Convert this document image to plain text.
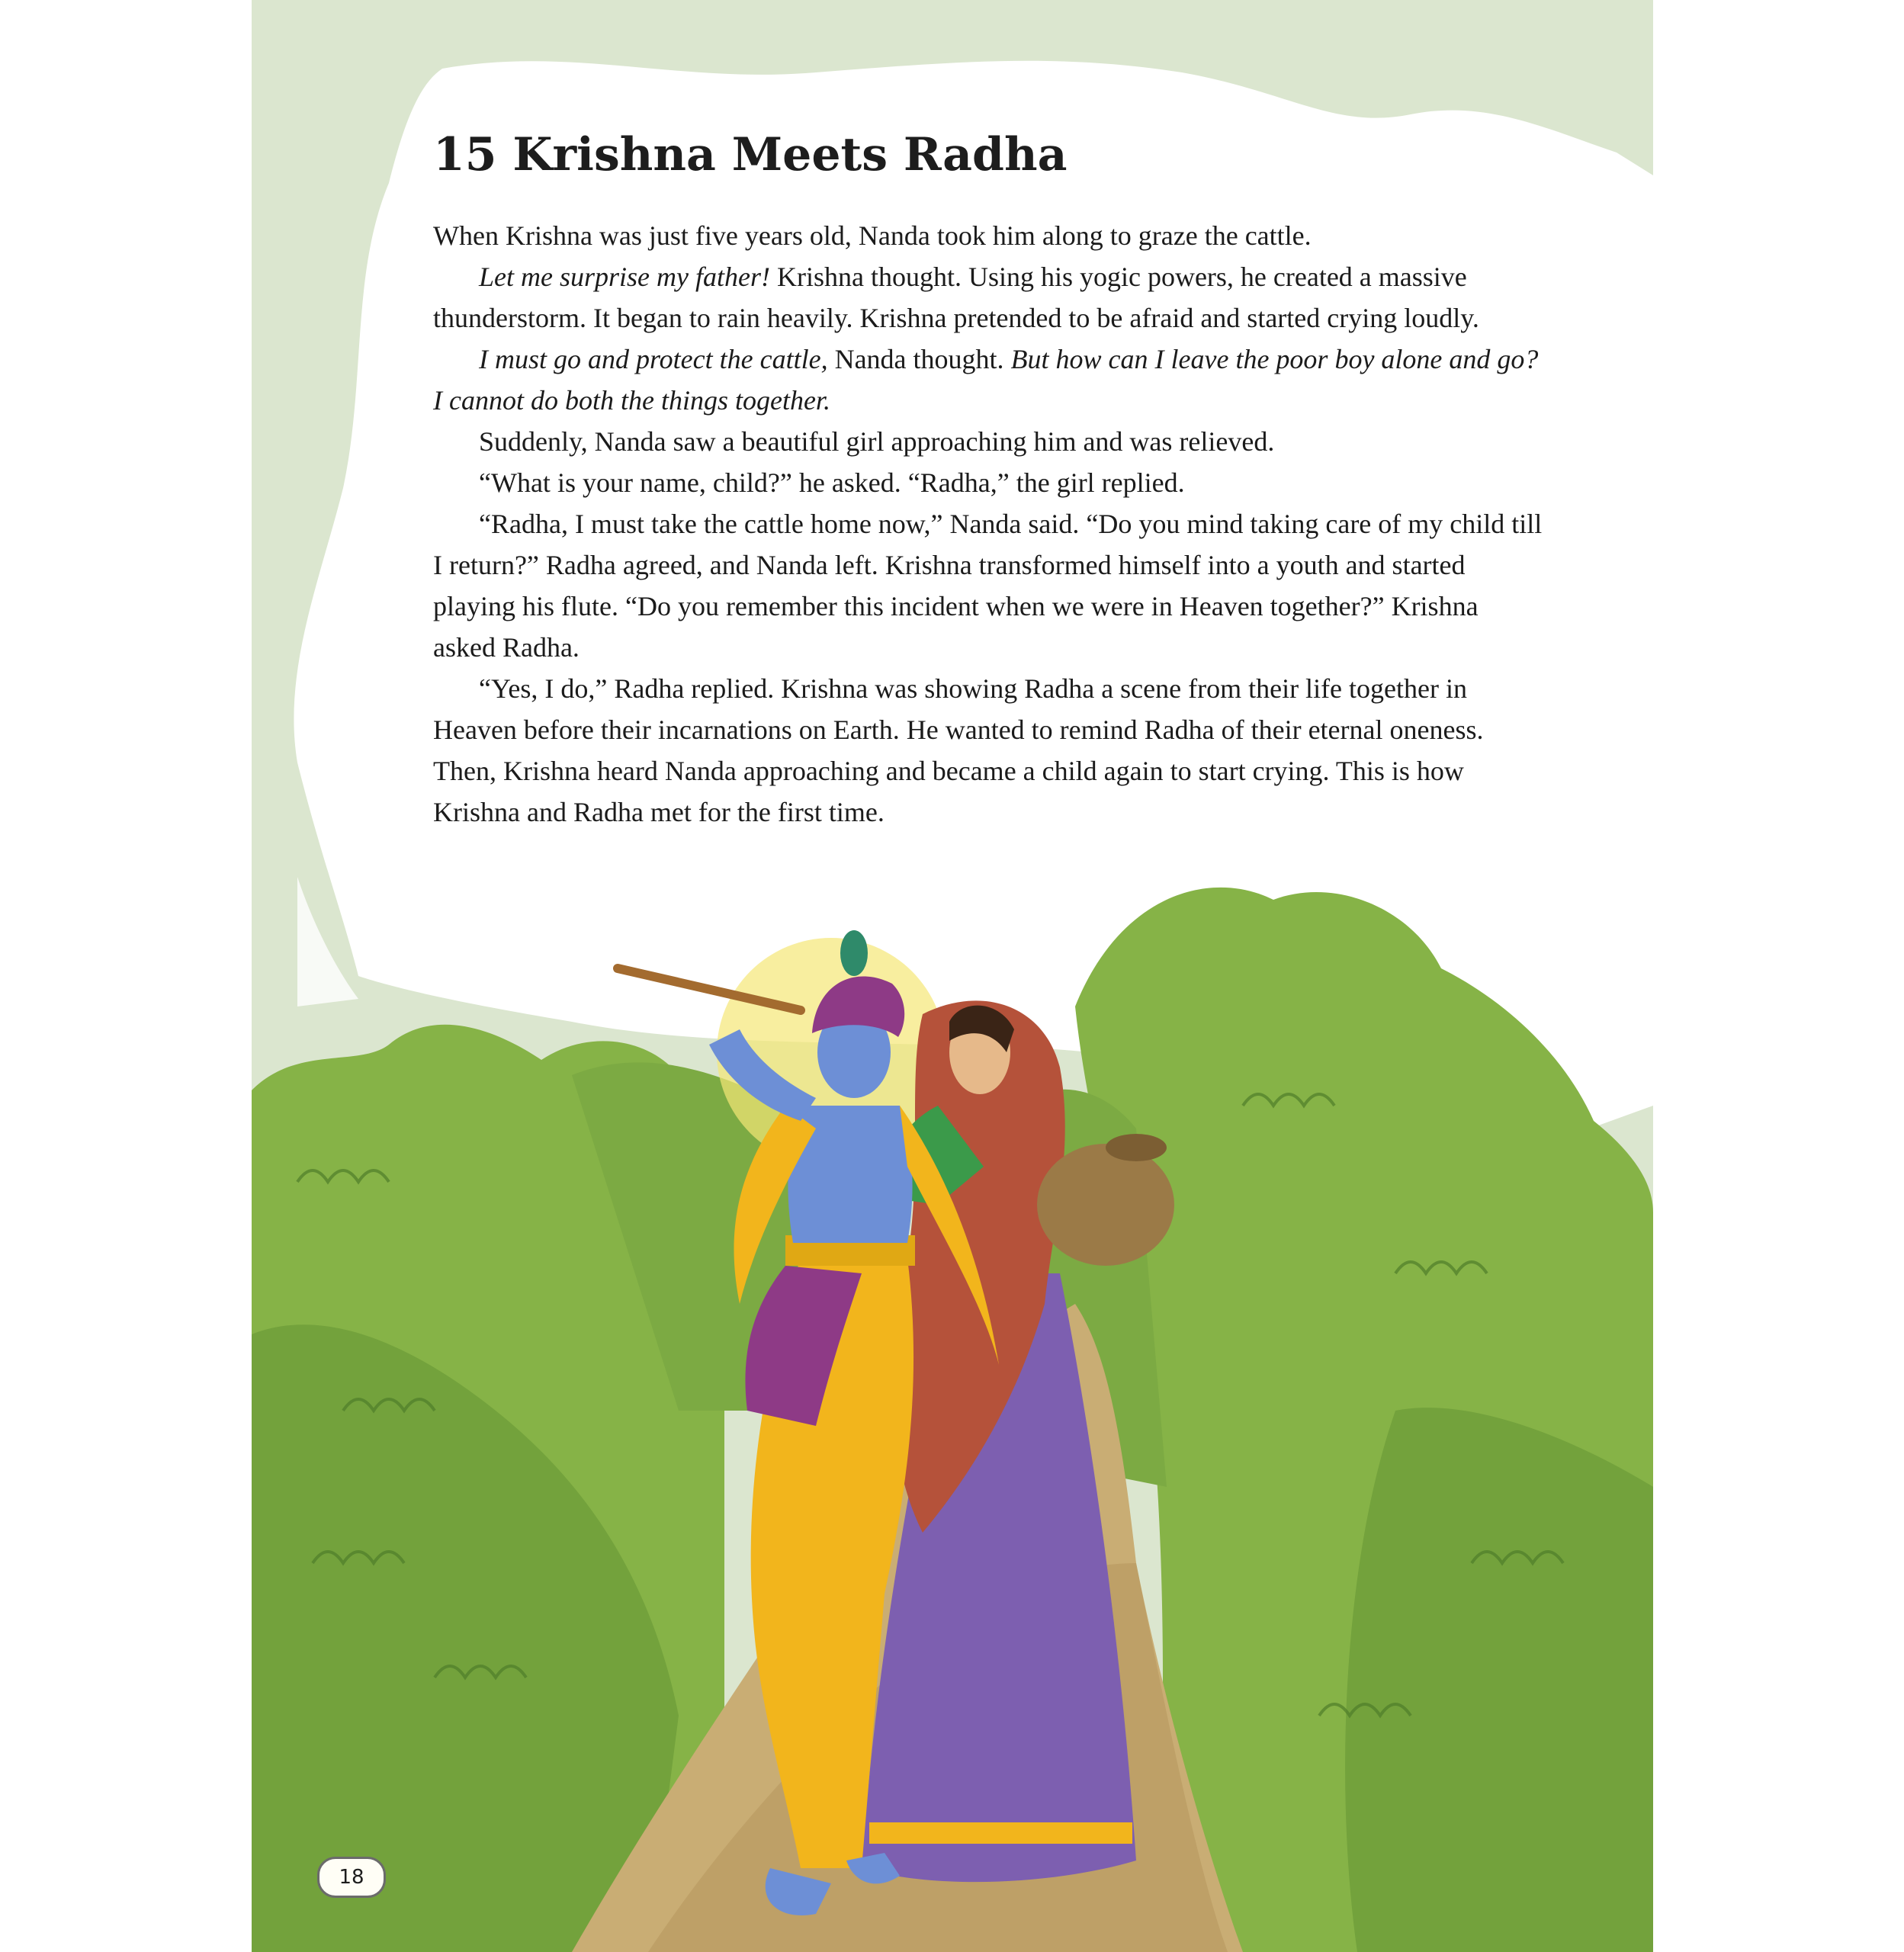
15 Krishna Meets Radha

When Krishna was just five years old, Nanda took him along to graze the cattle.

Let me surprise my father! Krishna thought. Using his yogic powers, he created a massive thunderstorm. It began to rain heavily. Krishna pretended to be afraid and started crying loudly.

I must go and protect the cattle, Nanda thought. But how can I leave the poor boy alone and go? I cannot do both the things together.

Suddenly, Nanda saw a beautiful girl approaching him and was relieved.

“What is your name, child?” he asked. “Radha,” the girl replied.

“Radha, I must take the cattle home now,” Nanda said. “Do you mind taking care of my child till I return?” Radha agreed, and Nanda left. Krishna transformed himself into a youth and started playing his flute. “Do you remember this incident when we were in Heaven together?” Krishna asked Radha.

“Yes, I do,” Radha replied. Krishna was showing Radha a scene from their life together in Heaven before their incarnations on Earth. He wanted to remind Radha of their eternal oneness. Then, Krishna heard Nanda approaching and became a child again to start crying. This is how Krishna and Radha met for the first time.

18
